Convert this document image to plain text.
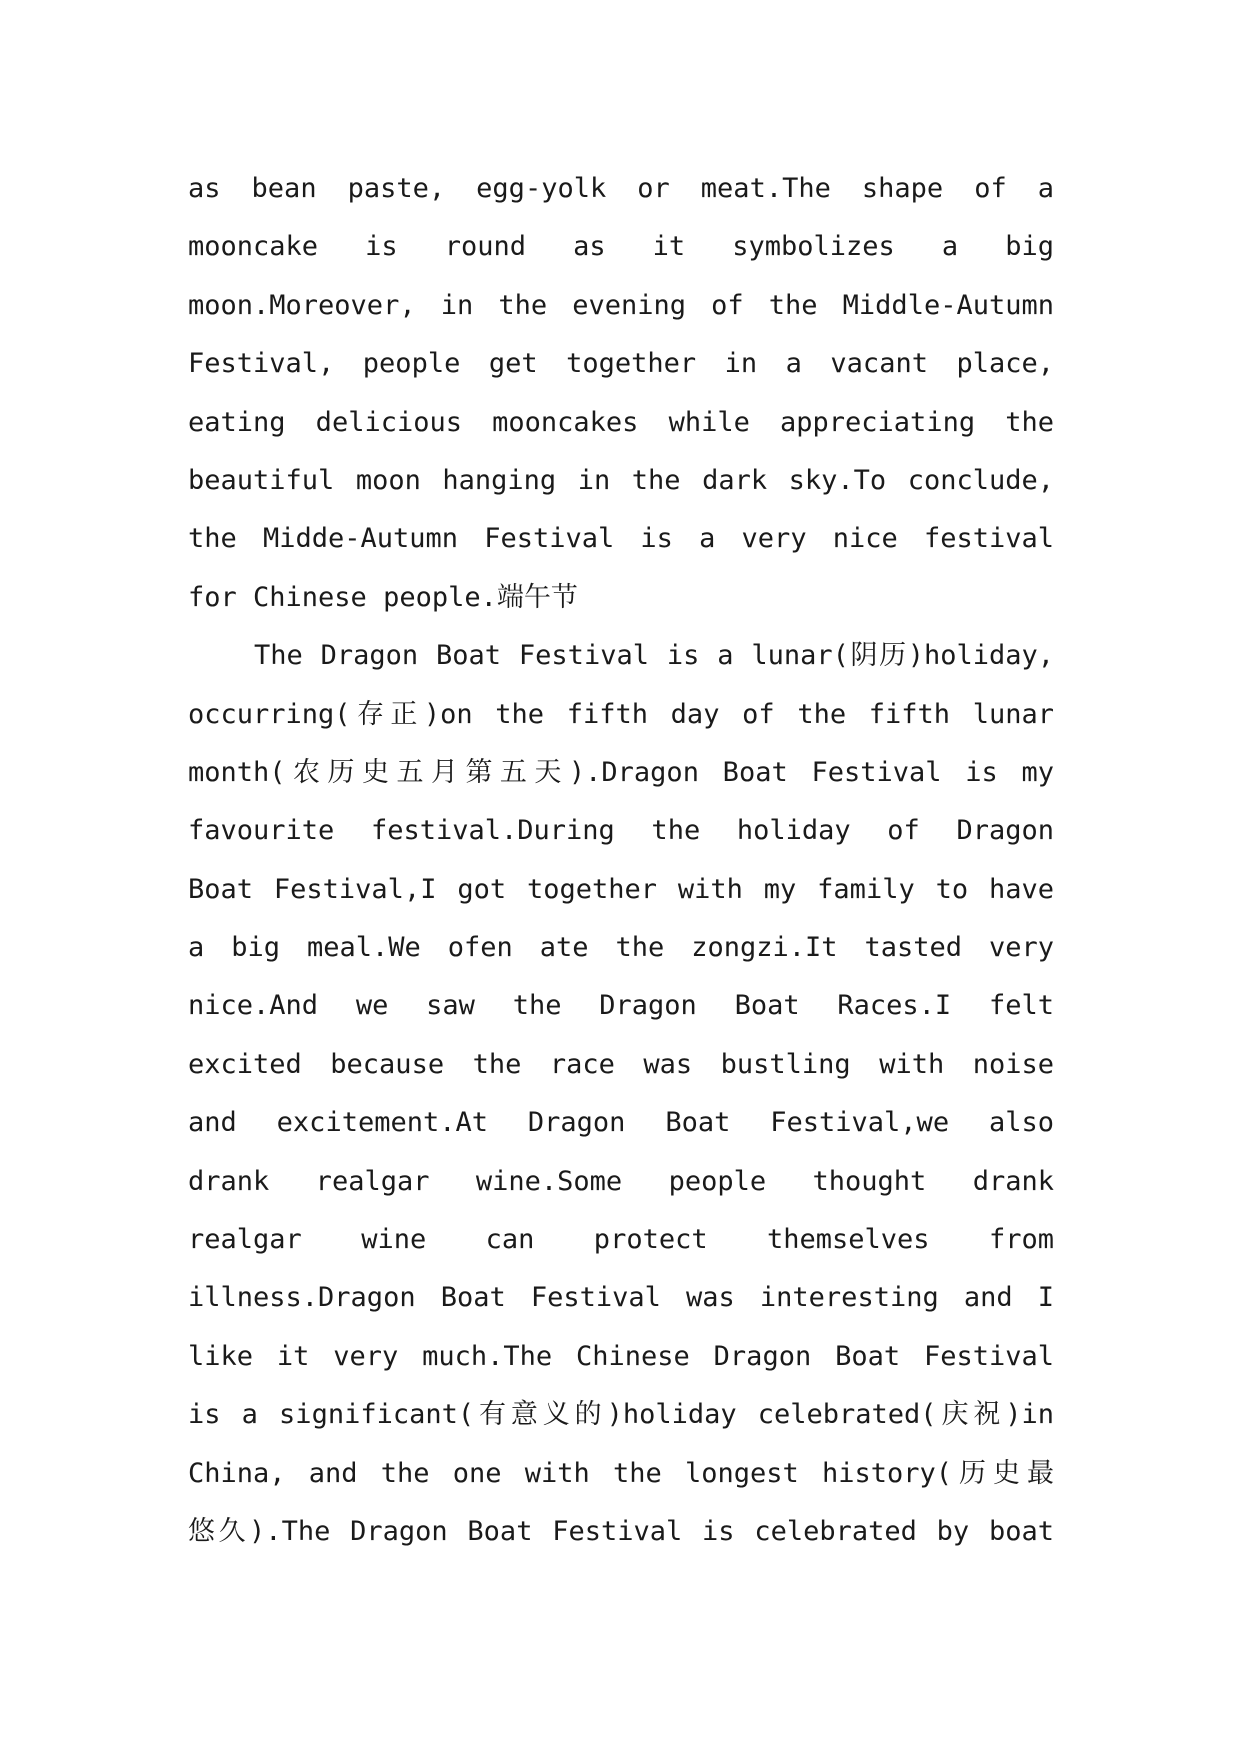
as bean paste, egg-yolk or meat.The shape of a
mooncake is round as it symbolizes a big
moon.Moreover, in the evening of the Middle-Autumn
Festival, people get together in a vacant place,
eating delicious mooncakes while appreciating the
beautiful moon hanging in the dark sky.To conclude,
the Midde-Autumn Festival is a very nice festival
for Chinese people.端午节
The Dragon Boat Festival is a lunar(阴历)holiday,
occurring(存正)on the fifth day of the fifth lunar
month(农历史五月第五天).Dragon Boat Festival is my
favourite festival.During the holiday of Dragon
Boat Festival,I got together with my family to have
a big meal.We ofen ate the zongzi.It tasted very
nice.And we saw the Dragon Boat Races.I felt
excited because the race was bustling with noise
and excitement.At Dragon Boat Festival,we also
drank realgar wine.Some people thought drank
realgar wine can protect themselves from
illness.Dragon Boat Festival was interesting and I
like it very much.The Chinese Dragon Boat Festival
is a significant(有意义的)holiday celebrated(庆祝)in
China, and the one with the longest history(历史最
悠久).The Dragon Boat Festival is celebrated by boat
